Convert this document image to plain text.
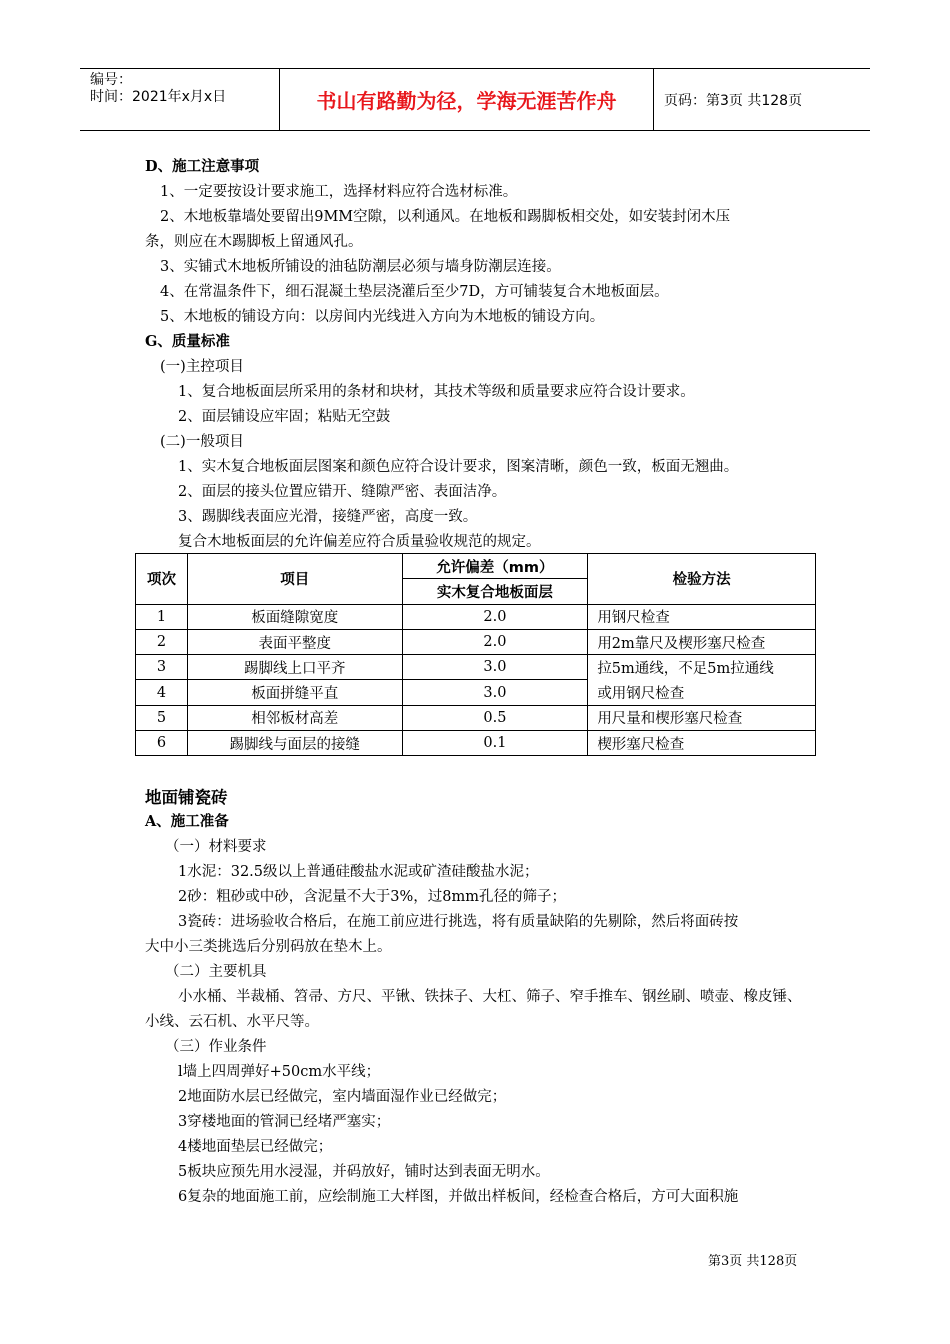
编号：
时间：2021年x月x日	书山有路勤为径，学海无涯苦作舟	页码：第3页 共128页
D、施工注意事项
1、一定要按设计要求施工，选择材料应符合选材标准。
2、木地板靠墙处要留出9MM空隙，以利通风。在地板和踢脚板相交处，如安装封闭木压
条，则应在木踢脚板上留通风孔。
3、实铺式木地板所铺设的油毡防潮层必须与墙身防潮层连接。
4、在常温条件下，细石混凝土垫层浇灌后至少7D，方可铺装复合木地板面层。
5、木地板的铺设方向：以房间内光线进入方向为木地板的铺设方向。
G、质量标准
(一)主控项目
1、复合地板面层所采用的条材和块材，其技术等级和质量要求应符合设计要求。
2、面层铺设应牢固；粘贴无空鼓
(二)一般项目
1、实木复合地板面层图案和颜色应符合设计要求，图案清晰，颜色一致，板面无翘曲。
2、面层的接头位置应错开、缝隙严密、表面洁净。
3、踢脚线表面应光滑，接缝严密，高度一致。
复合木地板面层的允许偏差应符合质量验收规范的规定。
项次	项目	允许偏差（mm）	检验方法
		实木复合地板面层	
1	板面缝隙宽度	2.0	用钢尺检查
2	表面平整度	2.0	用2m靠尺及楔形塞尺检查
3	踢脚线上口平齐	3.0	拉5m通线，不足5m拉通线
4	板面拼缝平直	3.0	或用钢尺检查
5	相邻板材高差	0.5	用尺量和楔形塞尺检查
6	踢脚线与面层的接缝	0.1	楔形塞尺检查
地面铺瓷砖
A、施工准备
（一）材料要求
1水泥：32.5级以上普通硅酸盐水泥或矿渣硅酸盐水泥；
2砂：粗砂或中砂，含泥量不大于3%，过8mm孔径的筛子；
3瓷砖：进场验收合格后，在施工前应进行挑选，将有质量缺陷的先剔除，然后将面砖按
大中小三类挑选后分别码放在垫木上。
（二）主要机具
小水桶、半裁桶、笤帚、方尺、平锹、铁抹子、大杠、筛子、窄手推车、钢丝刷、喷壶、橡皮锤、
小线、云石机、水平尺等。
（三）作业条件
l墙上四周弹好+50cm水平线；
2地面防水层已经做完，室内墙面湿作业已经做完；
3穿楼地面的管洞已经堵严塞实；
4楼地面垫层已经做完；
5板块应预先用水浸湿，并码放好，铺时达到表面无明水。
6复杂的地面施工前，应绘制施工大样图，并做出样板间，经检查合格后，方可大面积施
第3页 共128页
